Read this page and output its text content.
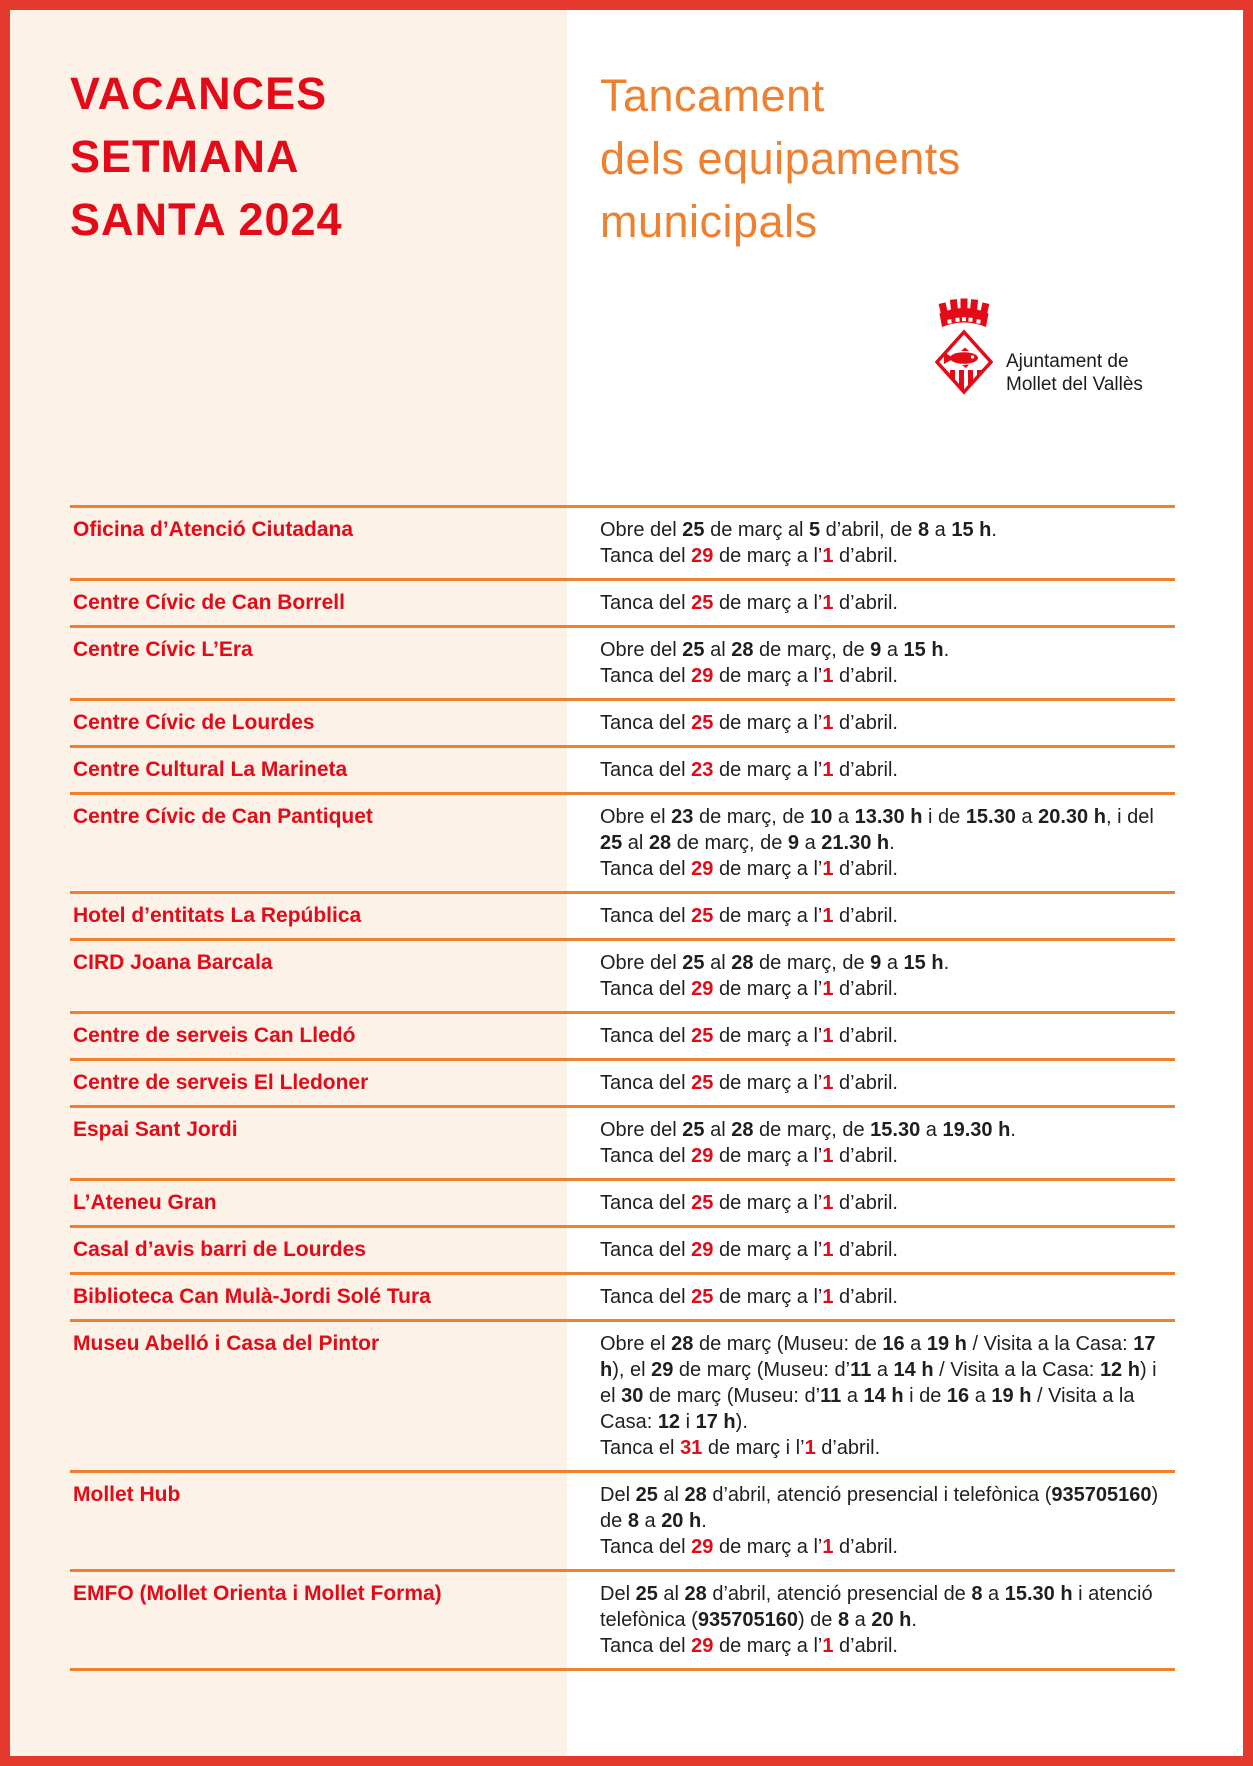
VACANCES
SETMANA
SANTA 2024
Tancament
dels equipaments
municipals
Ajuntament de
Mollet del Vallès
Oficina d’Atenció Ciutadana	Obre del 25 de març al 5 d’abril, de 8 a 15 h.

Tanca del 29 de març a l’1 d’abril.

Centre Cívic de Can Borrell	Tanca del 25 de març a l’1 d’abril.

Centre Cívic L’Era	Obre del 25 al 28 de març, de 9 a 15 h.

Tanca del 29 de març a l’1 d’abril.

Centre Cívic de Lourdes	Tanca del 25 de març a l’1 d’abril.

Centre Cultural La Marineta	Tanca del 23 de març a l’1 d’abril.

Centre Cívic de Can Pantiquet	Obre el 23 de març, de 10 a 13.30 h i de 15.30 a 20.30 h, i del 25 al 28 de març, de 9 a 21.30 h.

Tanca del 29 de març a l’1 d’abril.

Hotel d’entitats La República	Tanca del 25 de març a l’1 d’abril.

CIRD Joana Barcala	Obre del 25 al 28 de març, de 9 a 15 h.

Tanca del 29 de març a l’1 d’abril.

Centre de serveis Can Lledó	Tanca del 25 de març a l’1 d’abril.

Centre de serveis El Lledoner	Tanca del 25 de març a l’1 d’abril.

Espai Sant Jordi	Obre del 25 al 28 de març, de 15.30 a 19.30 h.

Tanca del 29 de març a l’1 d’abril.

L’Ateneu Gran	Tanca del 25 de març a l’1 d’abril.

Casal d’avis barri de Lourdes	Tanca del 29 de març a l’1 d’abril.

Biblioteca Can Mulà-Jordi Solé Tura	Tanca del 25 de març a l’1 d’abril.

Museu Abelló i Casa del Pintor	Obre el 28 de març (Museu: de 16 a 19 h / Visita a la Casa: 17 h), el 29 de març (Museu: d’11 a 14 h / Visita a la Casa: 12 h) i el 30 de març (Museu: d’11 a 14 h i de 16 a 19 h / Visita a la Casa: 12 i 17 h).

Tanca el 31 de març i l’1 d’abril.

Mollet Hub	Del 25 al 28 d’abril, atenció presencial i telefònica (935705160) de 8 a 20 h.

Tanca del 29 de març a l’1 d’abril.

EMFO (Mollet Orienta i Mollet Forma)	Del 25 al 28 d’abril, atenció presencial de 8 a 15.30 h i atenció telefònica (935705160) de 8 a 20 h.

Tanca del 29 de març a l’1 d’abril.
